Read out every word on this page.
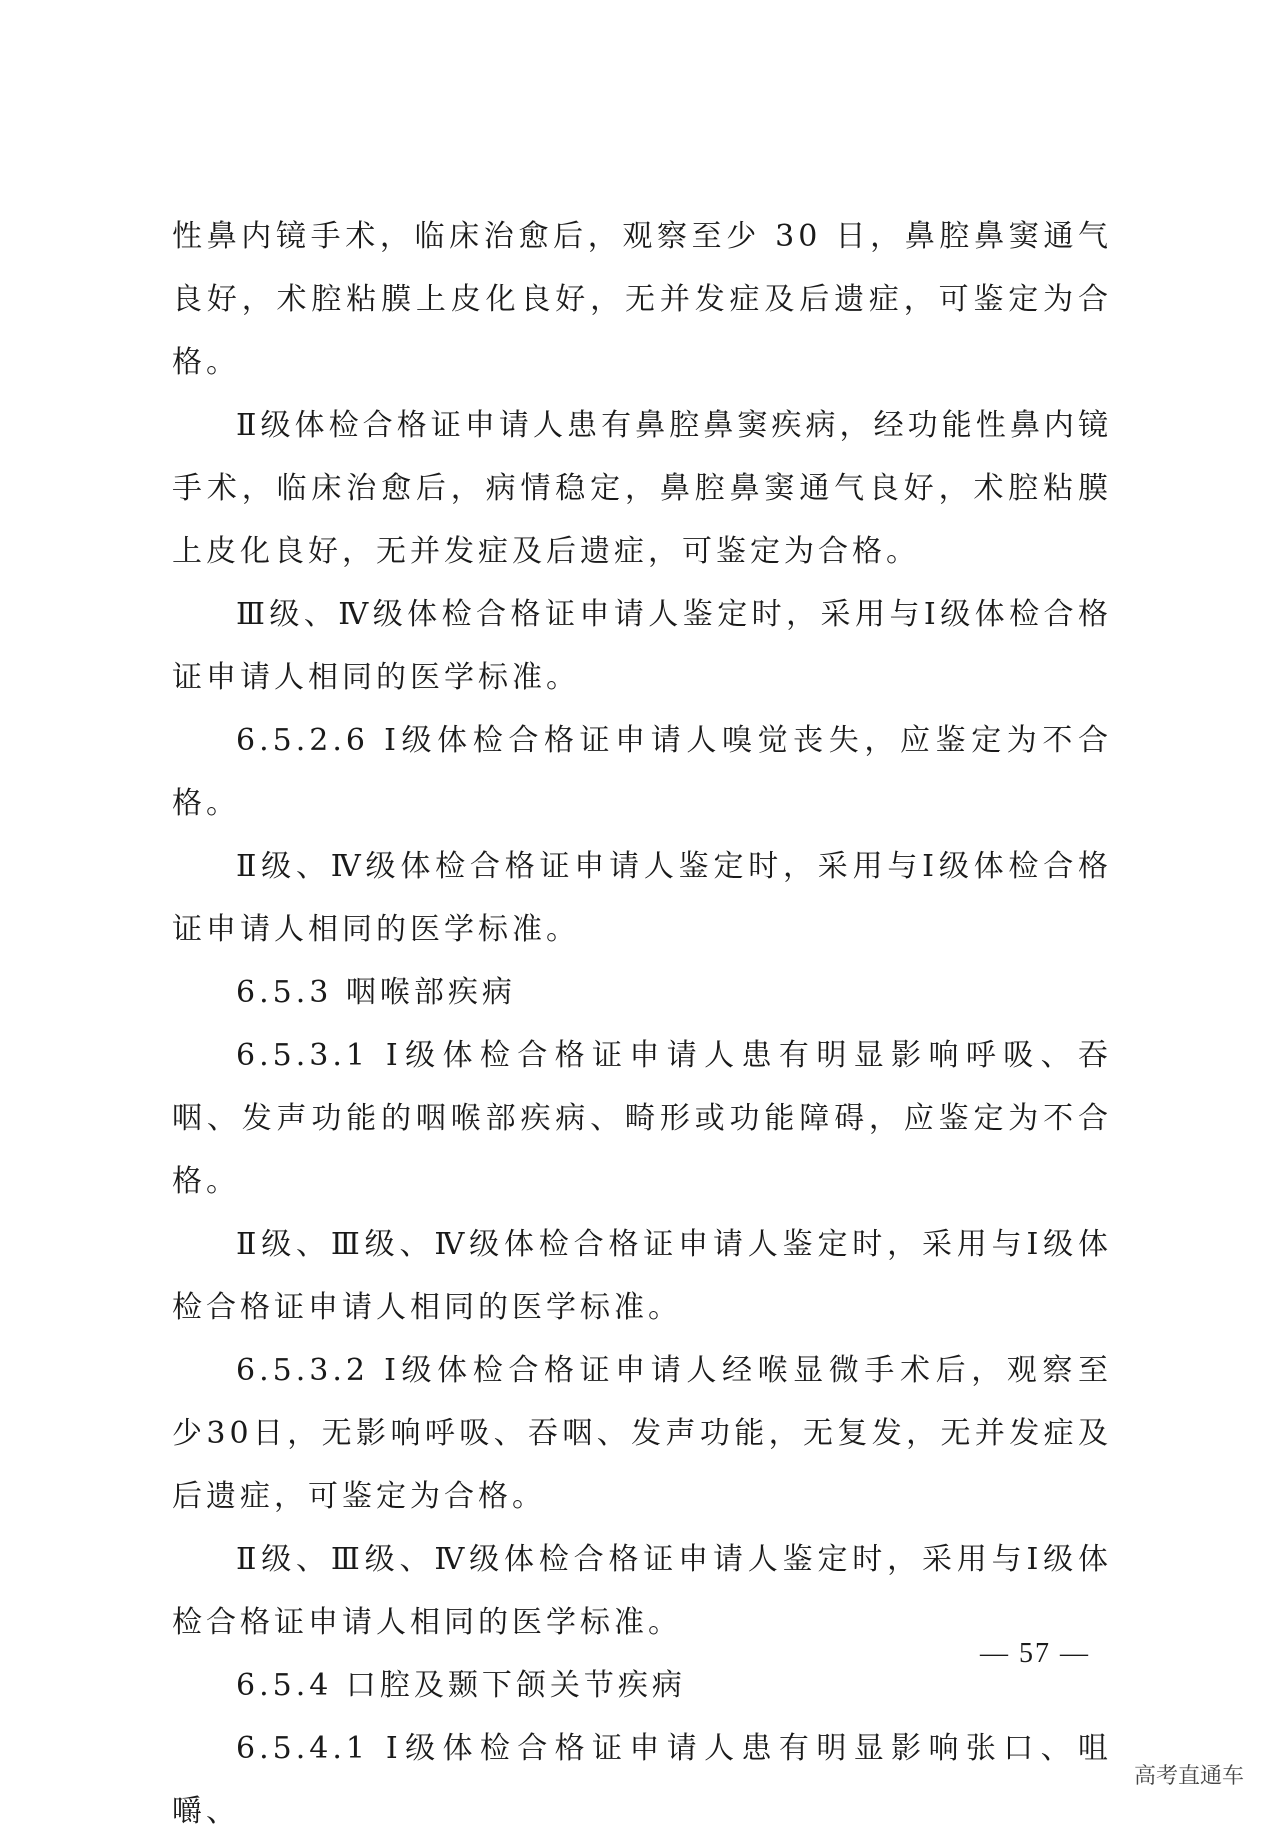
性鼻内镜手术，临床治愈后，观察至少 30 日，鼻腔鼻窦通气良好，术腔粘膜上皮化良好，无并发症及后遗症，可鉴定为合格。

Ⅱ级体检合格证申请人患有鼻腔鼻窦疾病，经功能性鼻内镜手术，临床治愈后，病情稳定，鼻腔鼻窦通气良好，术腔粘膜上皮化良好，无并发症及后遗症，可鉴定为合格。

Ⅲ级、Ⅳ级体检合格证申请人鉴定时，采用与Ⅰ级体检合格证申请人相同的医学标准。

6.5.2.6 Ⅰ级体检合格证申请人嗅觉丧失，应鉴定为不合格。

Ⅱ级、Ⅳ级体检合格证申请人鉴定时，采用与Ⅰ级体检合格证申请人相同的医学标准。

6.5.3 咽喉部疾病

6.5.3.1 Ⅰ级体检合格证申请人患有明显影响呼吸、吞咽、发声功能的咽喉部疾病、畸形或功能障碍，应鉴定为不合格。

Ⅱ级、Ⅲ级、Ⅳ级体检合格证申请人鉴定时，采用与Ⅰ级体检合格证申请人相同的医学标准。

6.5.3.2 Ⅰ级体检合格证申请人经喉显微手术后，观察至少30日，无影响呼吸、吞咽、发声功能，无复发，无并发症及后遗症，可鉴定为合格。

Ⅱ级、Ⅲ级、Ⅳ级体检合格证申请人鉴定时，采用与Ⅰ级体检合格证申请人相同的医学标准。

6.5.4 口腔及颞下颌关节疾病

6.5.4.1 Ⅰ级体检合格证申请人患有明显影响张口、咀嚼、

— 57 —
高考直通车
